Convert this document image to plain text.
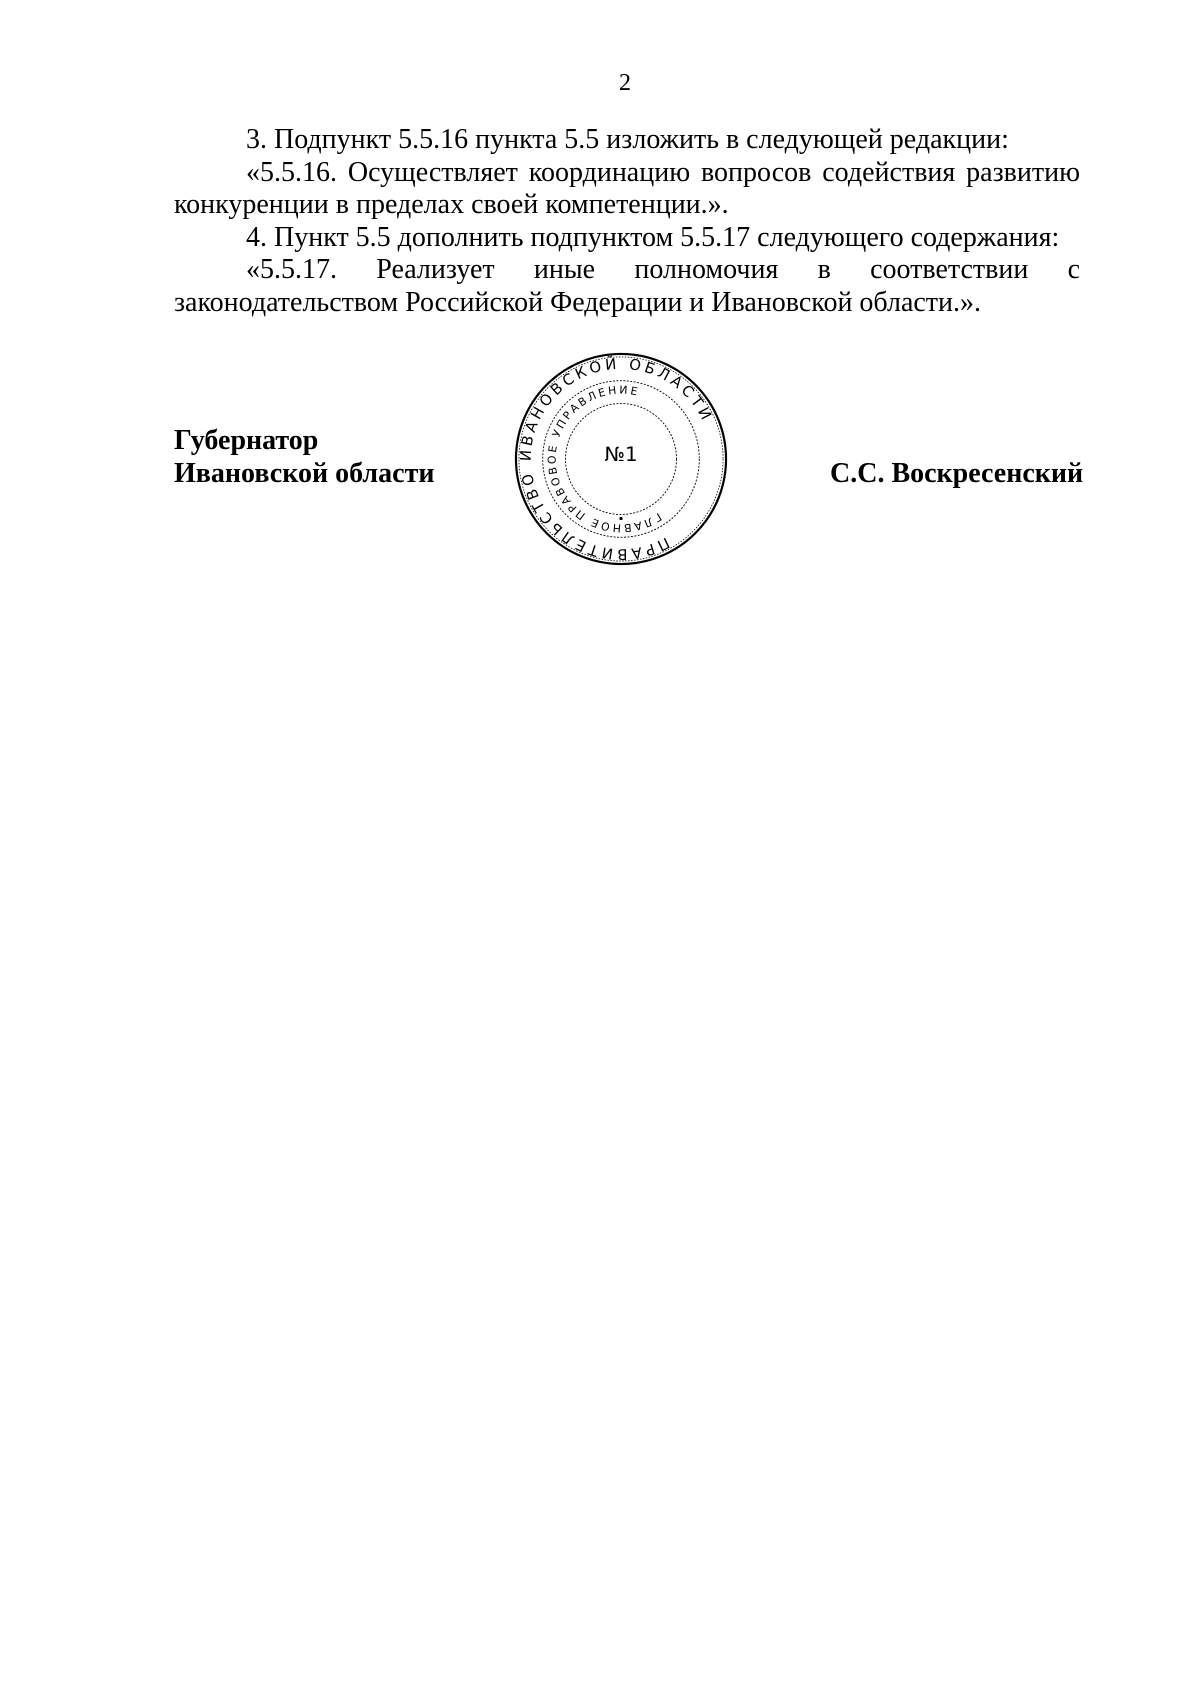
2

3. Подпункт 5.5.16 пункта 5.5 изложить в следующей редакции:

«5.5.16. Осуществляет координацию вопросов содействия развитию конкуренции в пределах своей компетенции.».

4. Пункт 5.5 дополнить подпунктом 5.5.17 следующего содержания:

«5.5.17. Реализует иные полномочия в соответствии с законодательством Российской Федерации и Ивановской области.».

Губернатор
Ивановской области
ПРАВИТЕЛЬСТВО ИВАНОВСКОЙ ОБЛАСТИ
ГЛАВНОЕ ПРАВОВОЕ УПРАВЛЕНИЕ
№1
С.С. Воскресенский
